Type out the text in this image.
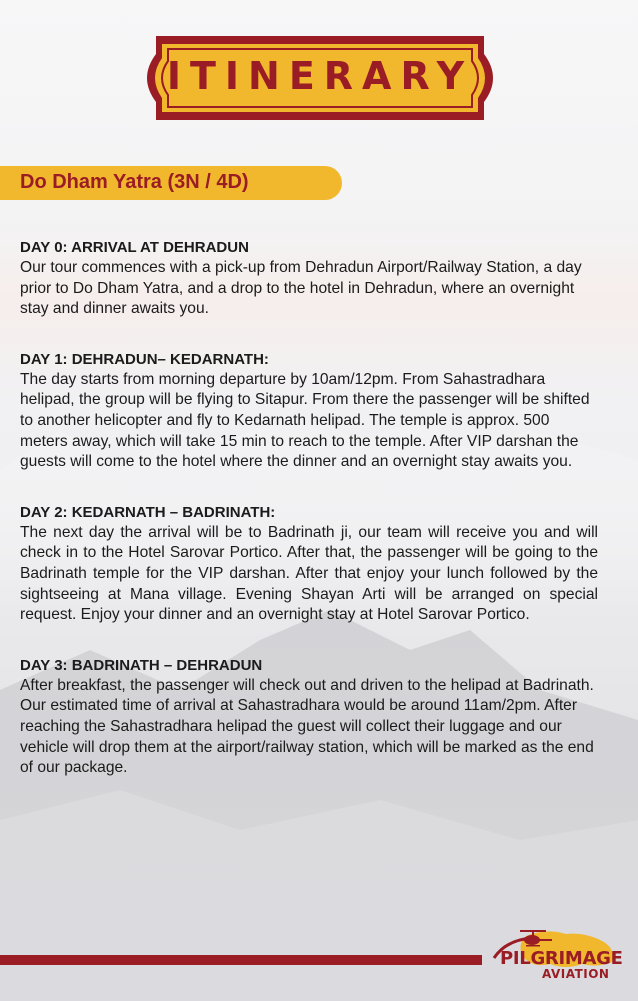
ITINERARY
Do Dham Yatra (3N / 4D)

DAY 0: ARRIVAL AT DEHRADUN

Our tour commences with a pick-up from Dehradun Airport/Railway Station, a day prior to Do Dham Yatra, and a drop to the hotel in Dehradun, where an overnight stay and dinner awaits you.

DAY 1: DEHRADUN– KEDARNATH:

The day starts from morning departure by 10am/12pm. From Sahastradhara helipad, the group will be flying to Sitapur. From there the passenger will be shifted to another helicopter and fly to Kedarnath helipad. The temple is approx. 500 meters away, which will take 15 min to reach to the temple. After VIP darshan the guests will come to the hotel where the dinner and an overnight stay awaits you.

DAY 2: KEDARNATH – BADRINATH:

The next day the arrival will be to Badrinath ji, our team will receive you and will check in to the Hotel Sarovar Portico. After that, the passenger will be going to the Badrinath temple for the VIP darshan. After that enjoy your lunch followed by the sightseeing at Mana village. Evening Shayan Arti will be arranged on special request. Enjoy your dinner and an overnight stay at Hotel Sarovar Portico.

DAY 3: BADRINATH – DEHRADUN

After breakfast, the passenger will check out and driven to the helipad at Badrinath. Our estimated time of arrival at Sahastradhara would be around 11am/2pm. After reaching the Sahastradhara helipad the guest will collect their luggage and our vehicle will drop them at the airport/railway station, which will be marked as the end of our package.

PILGRIMAGE
AVIATION
